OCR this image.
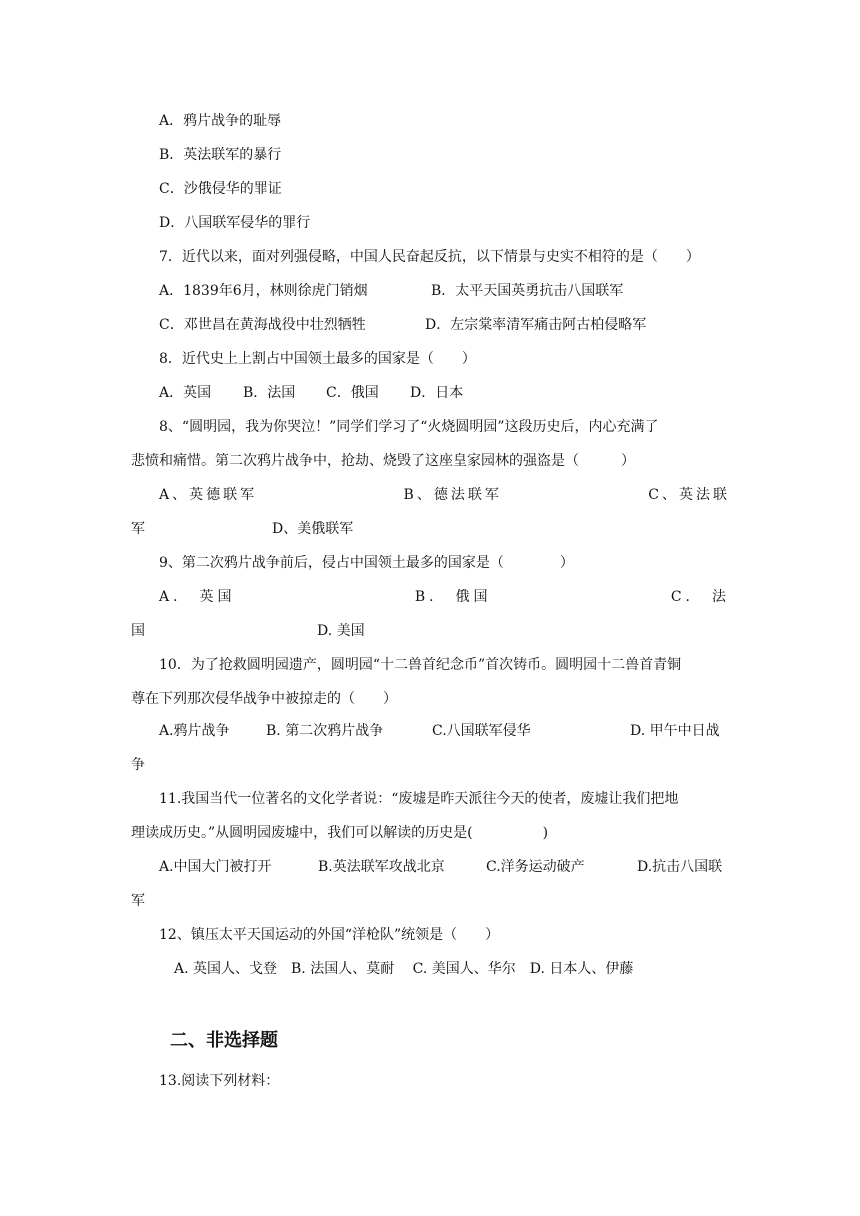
A．鸦片战争的耻辱
B．英法联军的暴行
C．沙俄侵华的罪证
D．八国联军侵华的罪行
7．近代以来，面对列强侵略，中国人民奋起反抗，以下情景与史实不相符的是（　　）
A．1839年6月，林则徐虎门销烟	B．太平天国英勇抗击八国联军
C．邓世昌在黄海战役中壮烈牺牲	D．左宗棠率清军痛击阿古柏侵略军
8．近代史上上割占中国领土最多的国家是（　　）
A．英国 B．法国 C．俄国 D．日本
8、“圆明园，我为你哭泣！”同学们学习了“火烧圆明园”这段历史后，内心充满了
悲愤和痛惜。第二次鸦片战争中，抢劫、烧毁了这座皇家园林的强盗是（　　　）
A、英德联军	B、德法联军	C、英法联
军	D、美俄联军
9、第二次鸦片战争前后，侵占中国领土最多的国家是（　　　　）
A． 英国	B． 俄国	C． 法
国	D. 美国
10．为了抢救圆明园遗产，圆明园“十二兽首纪念币”首次铸币。圆明园十二兽首青铜
尊在下列那次侵华战争中被掠走的（　　）
A.鸦片战争	B. 第二次鸦片战争	C.八国联军侵华	D. 甲午中日战
争
11.我国当代一位著名的文化学者说：“废墟是昨天派往今天的使者，废墟让我们把地
理读成历史。”从圆明园废墟中，我们可以解读的历史是(　　　　　)
A.中国大门被打开	B.英法联军攻战北京	C.洋务运动破产	D.抗击八国联
军
12、镇压太平天国运动的外国“洋枪队”统领是（　　）
A. 英国人、戈登　B. 法国人、莫耐　 C. 美国人、华尔　D. 日本人、伊藤
二、非选择题
13.阅读下列材料：
